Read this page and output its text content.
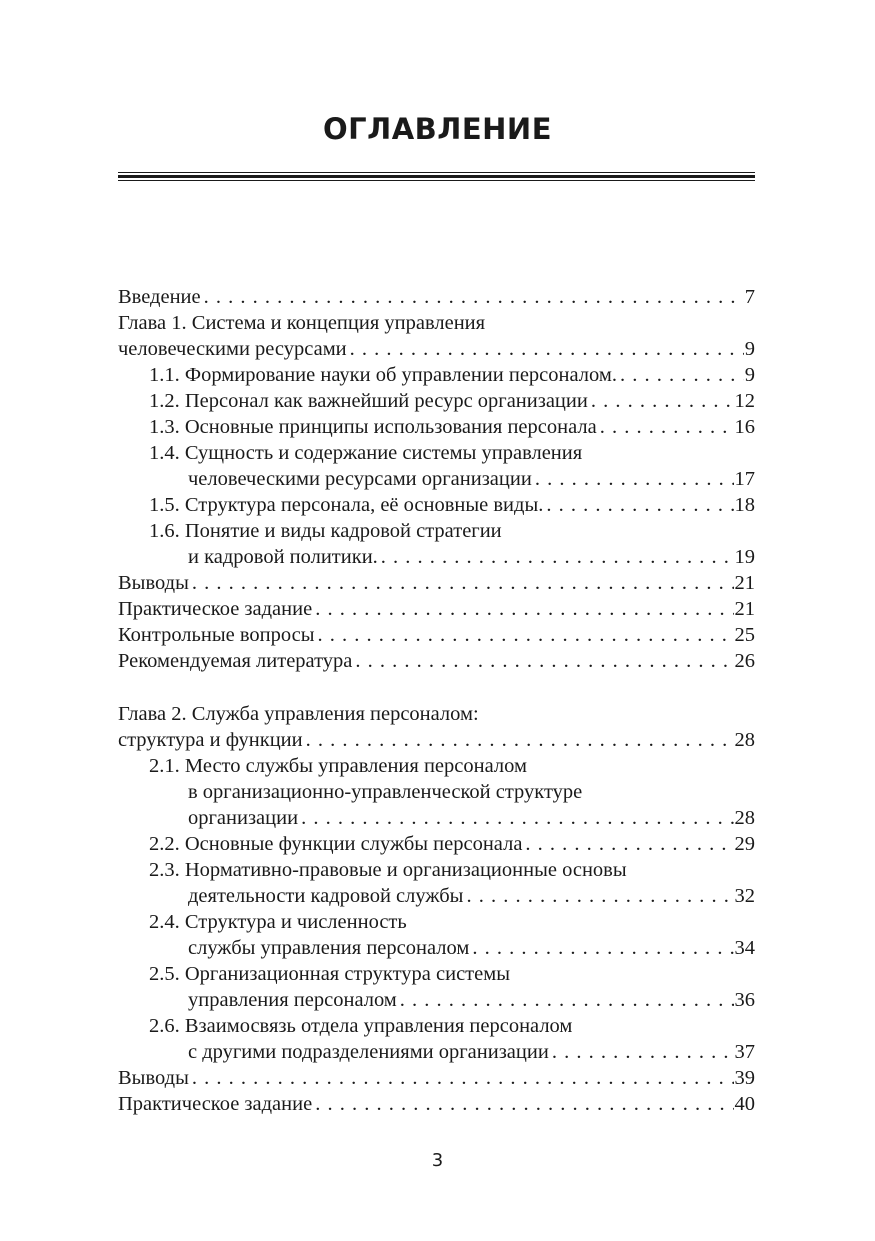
ОГЛАВЛЕНИЕ
Введение . . .	7
Глава 1. Система и концепция управления
человеческими ресурсами . . .	9
1.1. Формирование науки об управлении персоналом. . . .	9
1.2. Персонал как важнейший ресурс организации . . .	12
1.3. Основные принципы использования персонала . . .	16
1.4. Сущность и содержание системы управления
человеческими ресурсами организации . . .	17
1.5. Структура персонала, её основные виды. . . .	18
1.6. Понятие и виды кадровой стратегии
и кадровой политики. . . .	19
Выводы . . .	21
Практическое задание . . .	21
Контрольные вопросы . . .	25
Рекомендуемая литература . . .	26
Глава 2. Служба управления персоналом:
структура и функции . . .	28
2.1. Место службы управления персоналом
в организационно-управленческой структуре
организации . . .	28
2.2. Основные функции службы персонала . . .	29
2.3. Нормативно-правовые и организационные основы
деятельности кадровой службы . . .	32
2.4. Структура и численность
службы управления персоналом . . .	34
2.5. Организационная структура системы
управления персоналом . . .	36
2.6. Взаимосвязь отдела управления персоналом
с другими подразделениями организации . . .	37
Выводы . . .	39
Практическое задание . . .	40
3
